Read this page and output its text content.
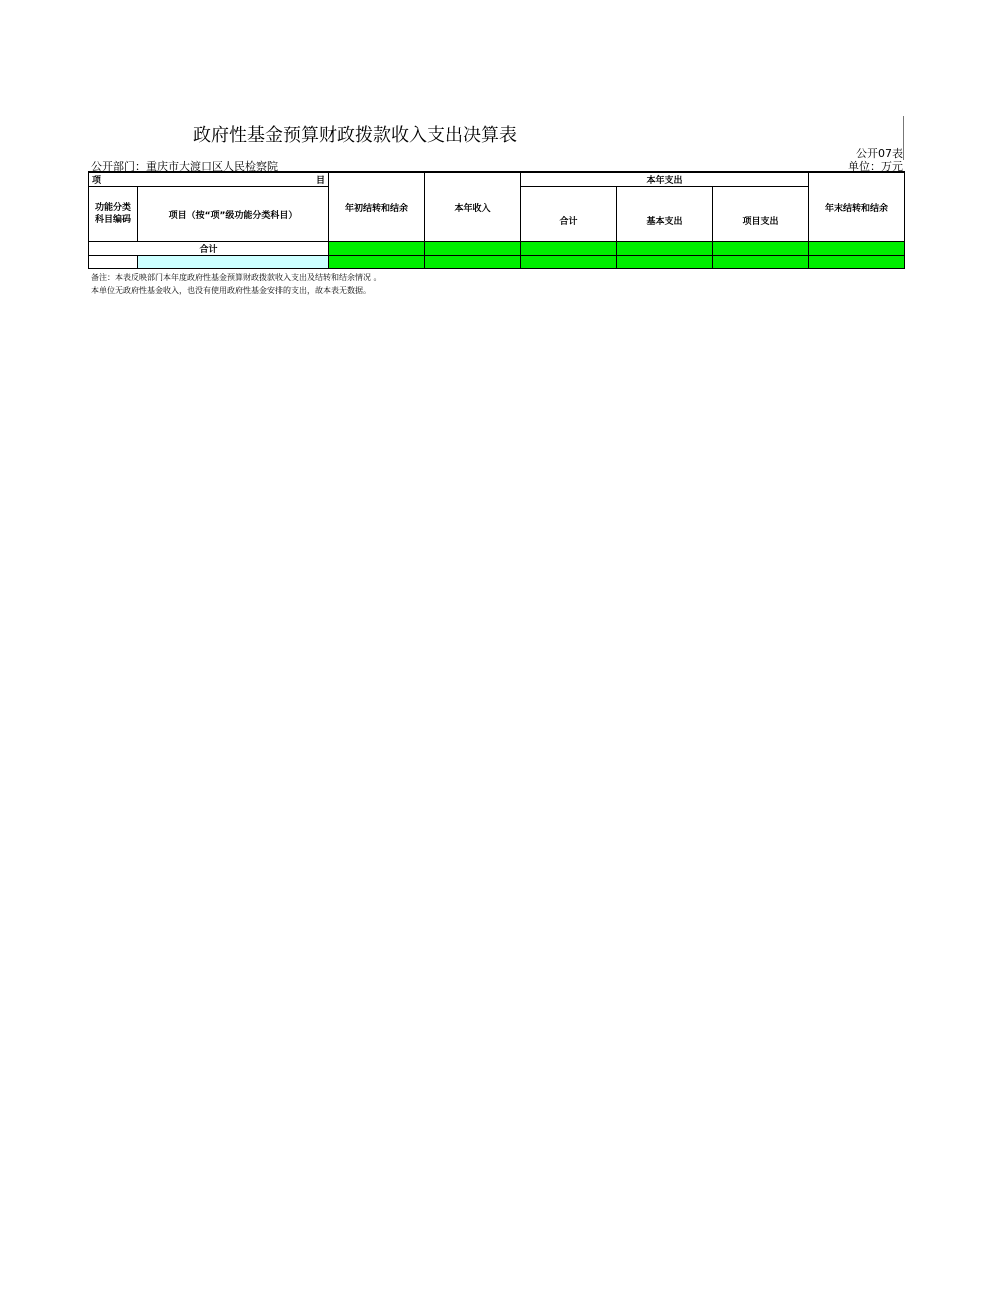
政府性基金预算财政拨款收入支出决算表
公开07表
公开部门：重庆市大渡口区人民检察院	单位：万元
项 目		年初结转和结余	本年收入	本年支出			年末结转和结余
功能分类科目编码	项目（按“项”级功能分类科目）			合计	基本支出	项目支出	
合计							

备注：本表反映部门本年度政府性基金预算财政拨款收入支出及结转和结余情况 。
本单位无政府性基金收入，也没有使用政府性基金安排的支出，故本表无数据。
